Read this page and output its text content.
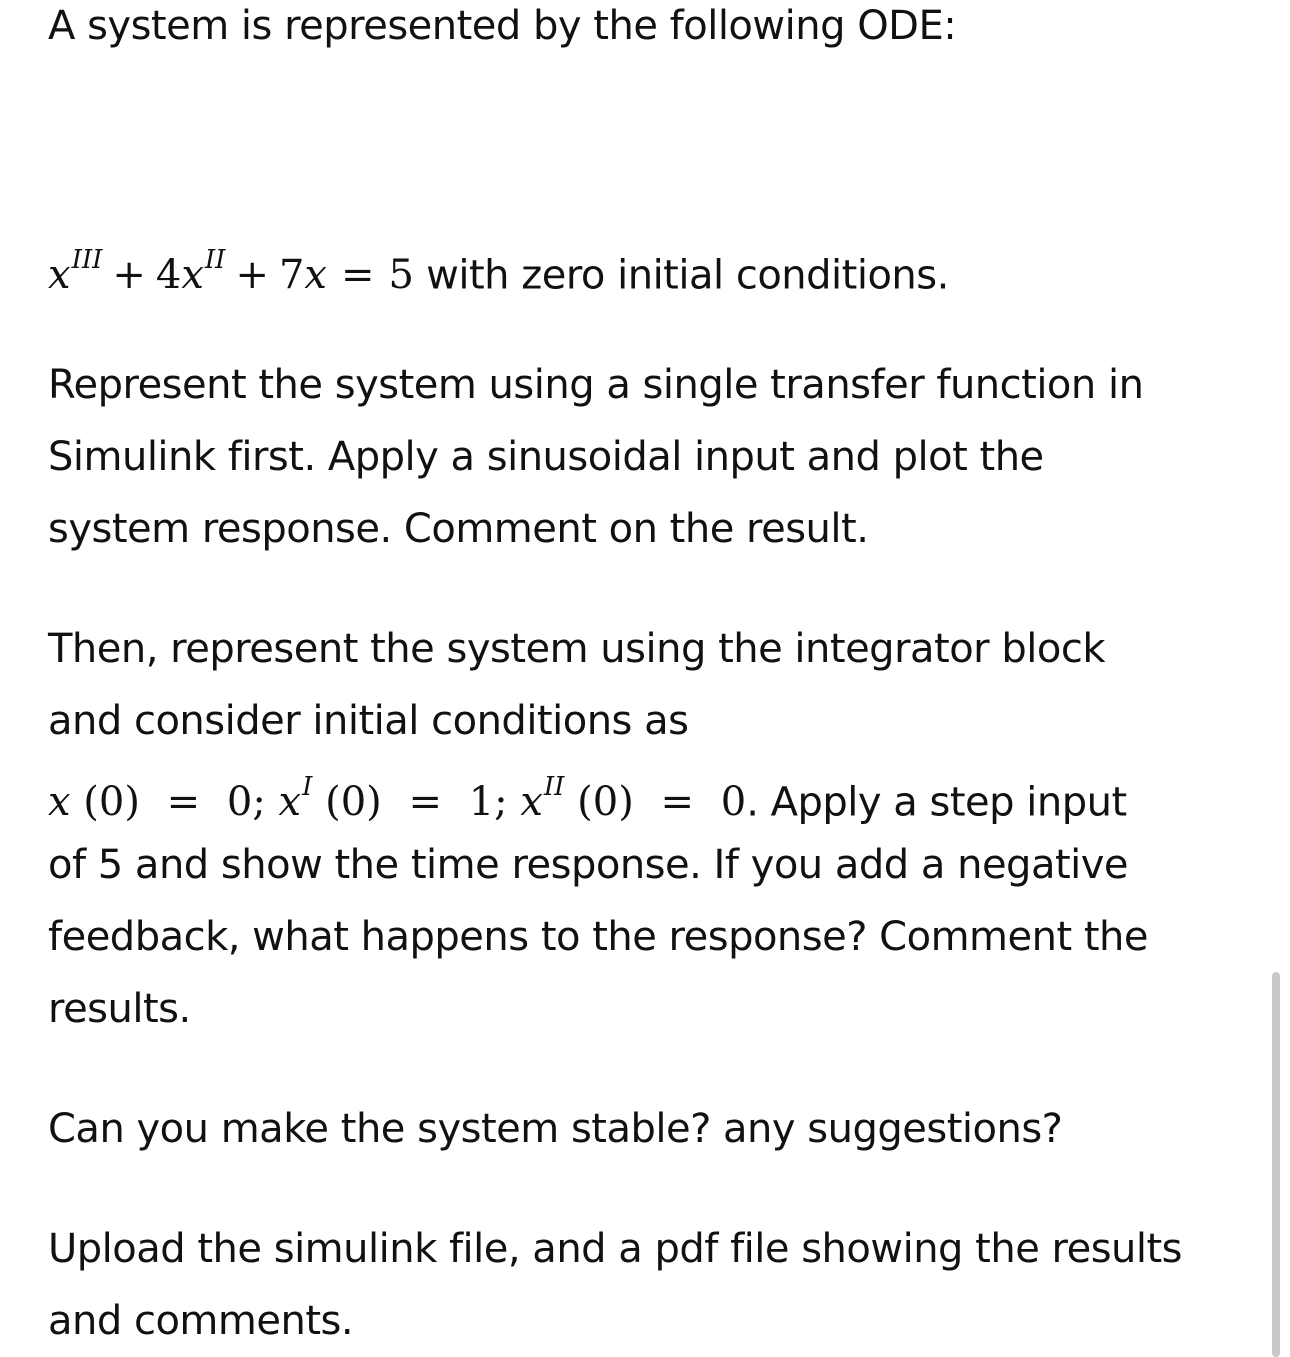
A system is represented by the following ODE:
$x^{III} + 4x^{II} + 7x = 5$ with zero initial conditions.
Represent the system using a single transfer function in
Simulink first. Apply a sinusoidal input and plot the
system response. Comment on the result.
Then, represent the system using the integrator block
and consider initial conditions as
x (0) = 0; $x^I$ (0) = 1; $x^{II}$ (0) = 0. Apply a step input
of 5 and show the time response. If you add a negative
feedback, what happens to the response? Comment the
results.
Can you make the system stable? any suggestions?
Upload the simulink file, and a pdf file showing the results
and comments.
